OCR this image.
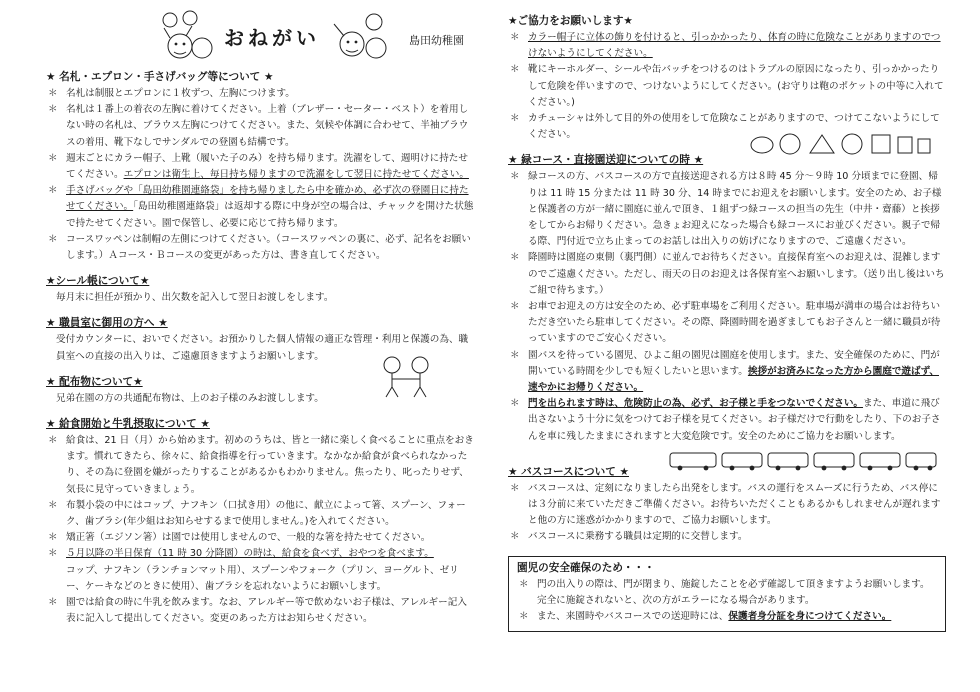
おねがい	島田幼稚園
★ 名札・エプロン・手さげバッグ等について ★
＊ 名札は制服とエプロンに１枚ずつ、左胸につけます。
＊ 名札は１番上の着衣の左胸に着けてください。上着（ブレザー・セーター・ベスト）を着用しない時の名札は、ブラウス左胸につけてください。また、気候や体調に合わせて、半袖ブラウスの着用、靴下なしでサンダルでの登園も結構です。
＊ 週末ごとにカラー帽子、上靴（履いた子のみ）を持ち帰ります。洗濯をして、週明けに持たせてください。エプロンは衛生上、毎日持ち帰りますので洗濯をして翌日に持たせてください。
＊ 手さげバッグや「島田幼稚園連絡袋」を持ち帰りましたら中を確かめ、必ず次の登園日に持たせてください。「島田幼稚園連絡袋」は返却する際に中身が空の場合は、チャックを開けた状態で持たせてください。園で保管し、必要に応じて持ち帰ります。
＊ コースワッペンは制帽の左側につけてください。（コースワッペンの裏に、必ず、記名をお願いします。）Ａコース・Ｂコースの変更があった方は、書き直してください。
★シール帳について★
毎月末に担任が預かり、出欠数を記入して翌日お渡しをします。
★ 職員室に御用の方へ ★
受付カウンターに、おいでください。お預かりした個人情報の適正な管理・利用と保護の為、職員室への直接の出入りは、ご遠慮頂きますようお願いします。
★ 配布物について★
兄弟在園の方の共通配布物は、上のお子様のみお渡しします。
★ 給食開始と牛乳摂取について ★
＊ 給食は、21 日（月）から始めます。初めのうちは、皆と一緒に楽しく食べることに重点をおきます。慣れてきたら、徐々に、給食指導を行っていきます。なかなか給食が食べられなかったり、その為に登園を嫌がったりすることがあるかもわかりません。焦ったり、叱ったりせず、気長に見守っていきましょう。
＊ 布製小袋の中にはコップ、ナフキン（口拭き用）の他に、献立によって箸、スプーン、フォーク、歯ブラシ(年少組はお知らせするまで使用しません。)を入れてください。
＊ 矯正箸（エジソン箸）は園では使用しませんので、一般的な箸を持たせてください。
＊ ５月以降の半日保育（11 時 30 分降園）の時は、給食を食べず、おやつを食べます。
コップ、ナフキン（ランチョンマット用）、スプーンやフォーク（プリン、ヨーグルト、ゼリー、ケーキなどのときに使用）、歯ブラシを忘れないようにお願いします。
＊ 園では給食の時に牛乳を飲みます。なお、アレルギー等で飲めないお子様は、アレルギー記入表に記入して提出してください。変更のあった方はお知らせください。
★ご協力をお願いします★
＊ カラー帽子に立体の飾りを付けると、引っかかったり、体育の時に危険なことがありますのでつけないようにしてください。
＊ 靴にキーホルダー、シールや缶バッチをつけるのはトラブルの原因になったり、引っかかったりして危険を伴いますので、つけないようにしてください。(お守りは鞄のポケットの中等に入れてください。)
＊ カチューシャは外して目的外の使用をして危険なことがありますので、つけてこないようにしてください。
★ 緑コース・直接園送迎についての時 ★
＊ 緑コースの方、バスコースの方で直接送迎される方は８時 45 分～９時 10 分頃までに登園、帰りは 11 時 15 分または 11 時 30 分、14 時までにお迎えをお願いします。安全のため、お子様と保護者の方が一緒に園庭に並んで頂き、１組ずつ緑コースの担当の先生（中井・齋藤）と挨拶をしてからお帰りください。急きょお迎えになった場合も緑コースにお並びください。親子で帰る際、門付近で立ち止まってのお話しは出入りの妨げになりますので、ご遠慮ください。
＊ 降園時は園庭の東側（裏門側）に並んでお待ちください。直接保育室へのお迎えは、混雑しますのでご遠慮ください。ただし、雨天の日のお迎えは各保育室へお願いします。（送り出し後はいちご組で待ちます。）
＊ お車でお迎えの方は安全のため、必ず駐車場をご利用ください。駐車場が満車の場合はお待ちいただき空いたら駐車してください。その際、降園時間を過ぎましてもお子さんと一緒に職員が待っていますのでご安心ください。
＊ 園バスを待っている園児、ひよこ組の園児は園庭を使用します。また、安全確保のために、門が開いている時間を少しでも短くしたいと思います。挨拶がお済みになった方から園庭で遊ばず、速やかにお帰りください。
＊ 門を出られます時は、危険防止の為、必ず、お子様と手をつないでください。また、車道に飛び出さないよう十分に気をつけてお子様を見てください。お子様だけで行動をしたり、下のお子さんを車に残したままにされますと大変危険です。安全のためにご協力をお願いします。
★ バスコースについて ★
＊ バスコースは、定刻になりましたら出発をします。バスの運行をスムーズに行うため、バス停には３分前に来ていただきご準備ください。お待ちいただくこともあるかもしれませんが遅れますと他の方に迷惑がかかりますので、ご協力お願いします。
＊ バスコースに乗務する職員は定期的に交替します。
園児の安全確保のため・・・
＊ 門の出入りの際は、門が閉まり、施錠したことを必ず確認して頂きますようお願いします。完全に施錠されないと、次の方がエラーになる場合があります。
＊ また、来園時やバスコースでの送迎時には、保護者身分証を身につけてください。
